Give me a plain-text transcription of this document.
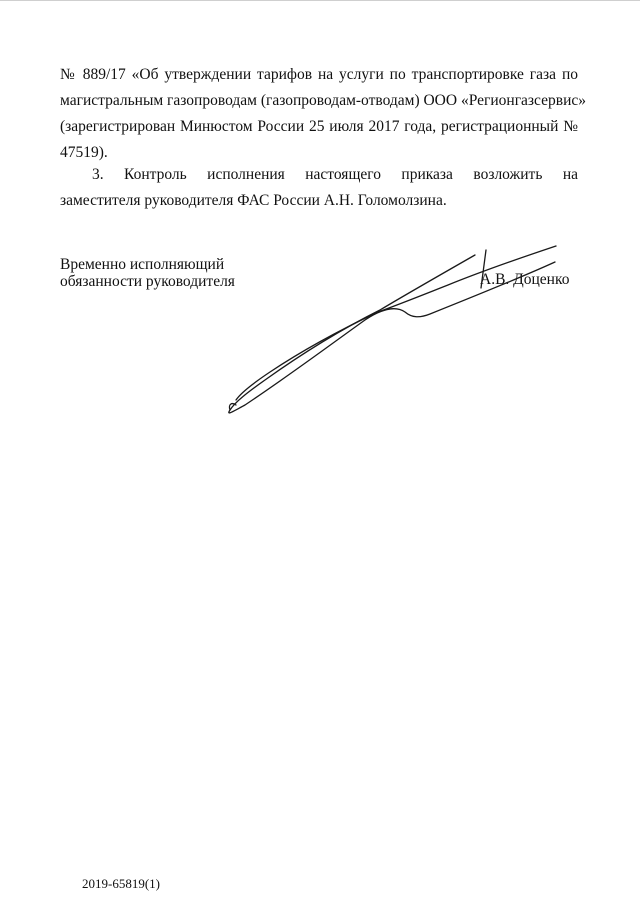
№ 889/17 «Об утверждении тарифов на услуги по транспортировке газа по
магистральным газопроводам (газопроводам-отводам) ООО «Регионгазсервис»
(зарегистрирован Минюстом России 25 июля 2017 года, регистрационный №
47519).
3. Контроль исполнения настоящего приказа возложить на
заместителя руководителя ФАС России А.Н. Голомолзина.
Временно исполняющий
обязанности руководителя	А.В. Доценко
2019-65819(1)
